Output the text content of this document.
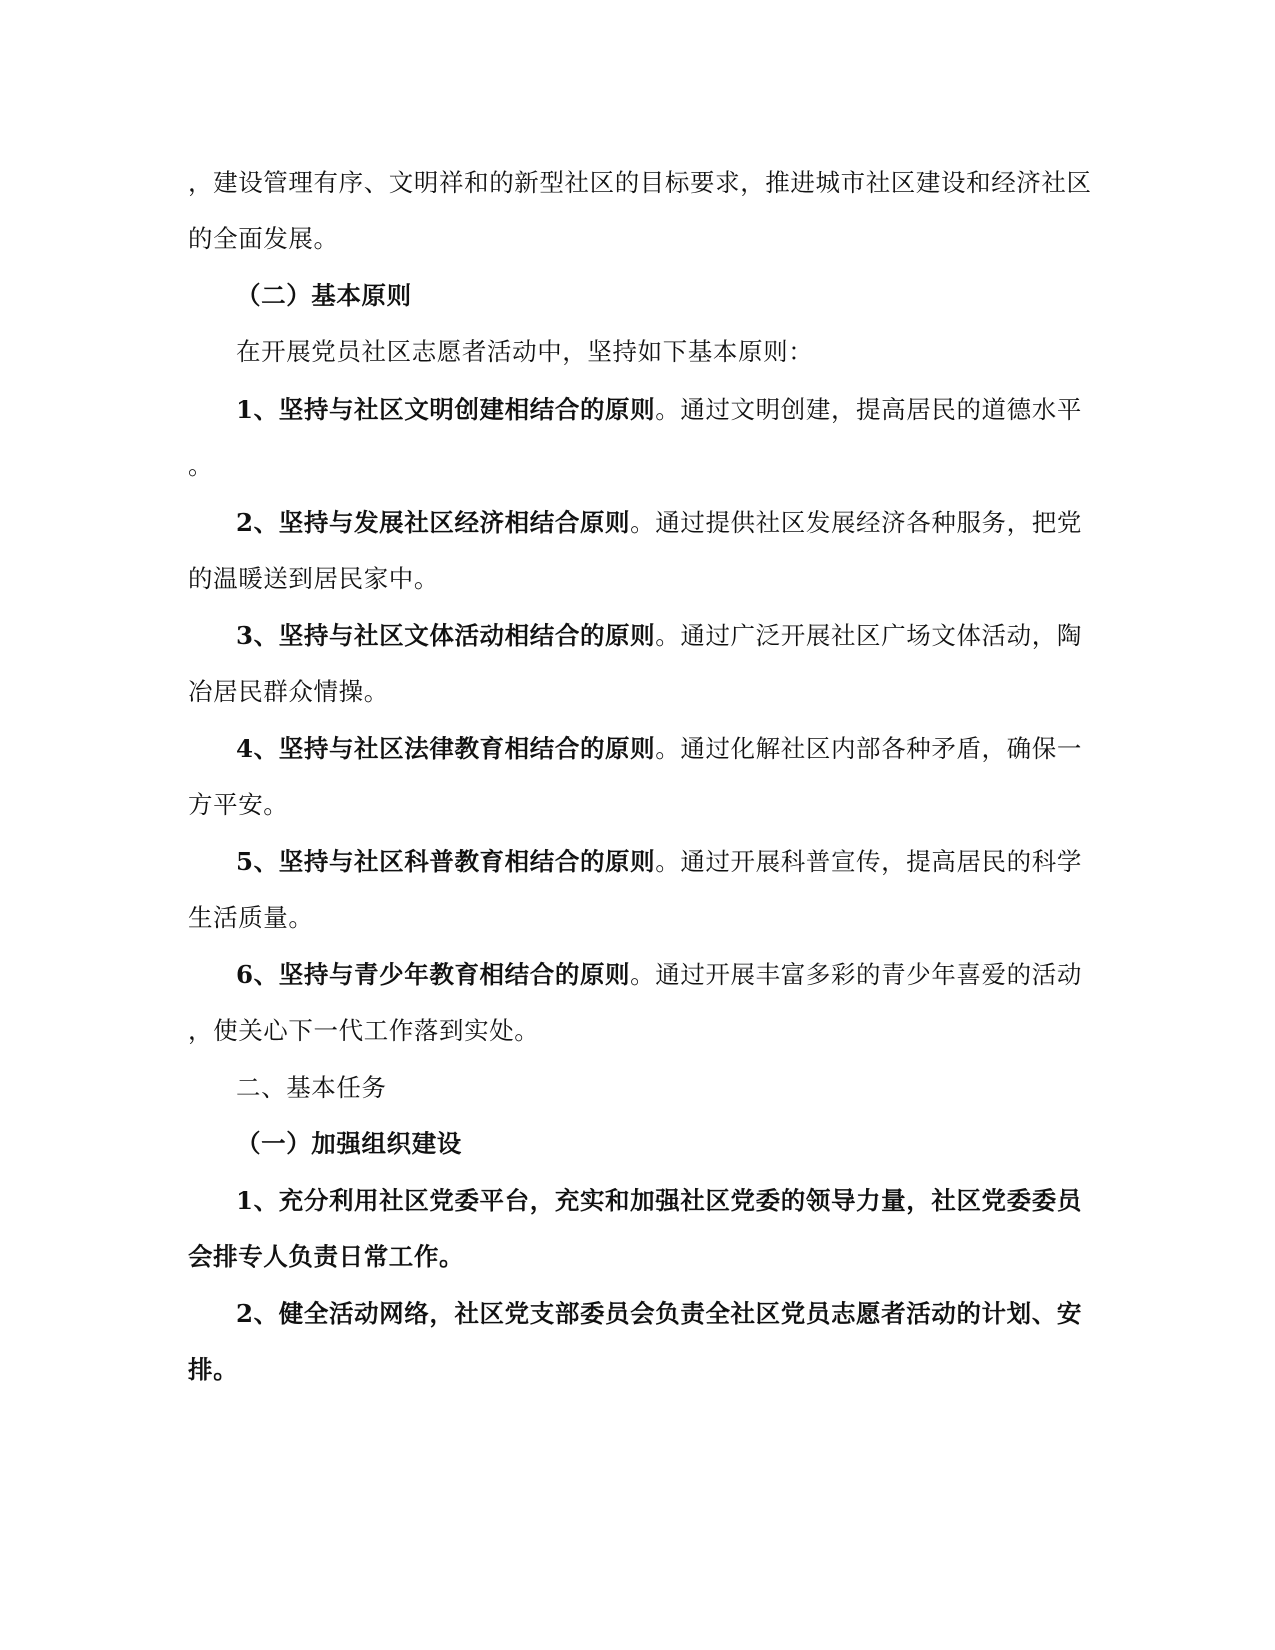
，建设管理有序、文明祥和的新型社区的目标要求，推进城市社区建设和经济社区
的全面发展。
（二）基本原则
在开展党员社区志愿者活动中，坚持如下基本原则：
1、坚持与社区文明创建相结合的原则。通过文明创建，提高居民的道德水平
。
2、坚持与发展社区经济相结合原则。通过提供社区发展经济各种服务，把党
的温暖送到居民家中。
3、坚持与社区文体活动相结合的原则。通过广泛开展社区广场文体活动，陶
冶居民群众情操。
4、坚持与社区法律教育相结合的原则。通过化解社区内部各种矛盾，确保一
方平安。
5、坚持与社区科普教育相结合的原则。通过开展科普宣传，提高居民的科学
生活质量。
6、坚持与青少年教育相结合的原则。通过开展丰富多彩的青少年喜爱的活动
，使关心下一代工作落到实处。
二、基本任务
（一）加强组织建设
1、充分利用社区党委平台，充实和加强社区党委的领导力量，社区党委委员
会排专人负责日常工作。
2、健全活动网络，社区党支部委员会负责全社区党员志愿者活动的计划、安
排。
